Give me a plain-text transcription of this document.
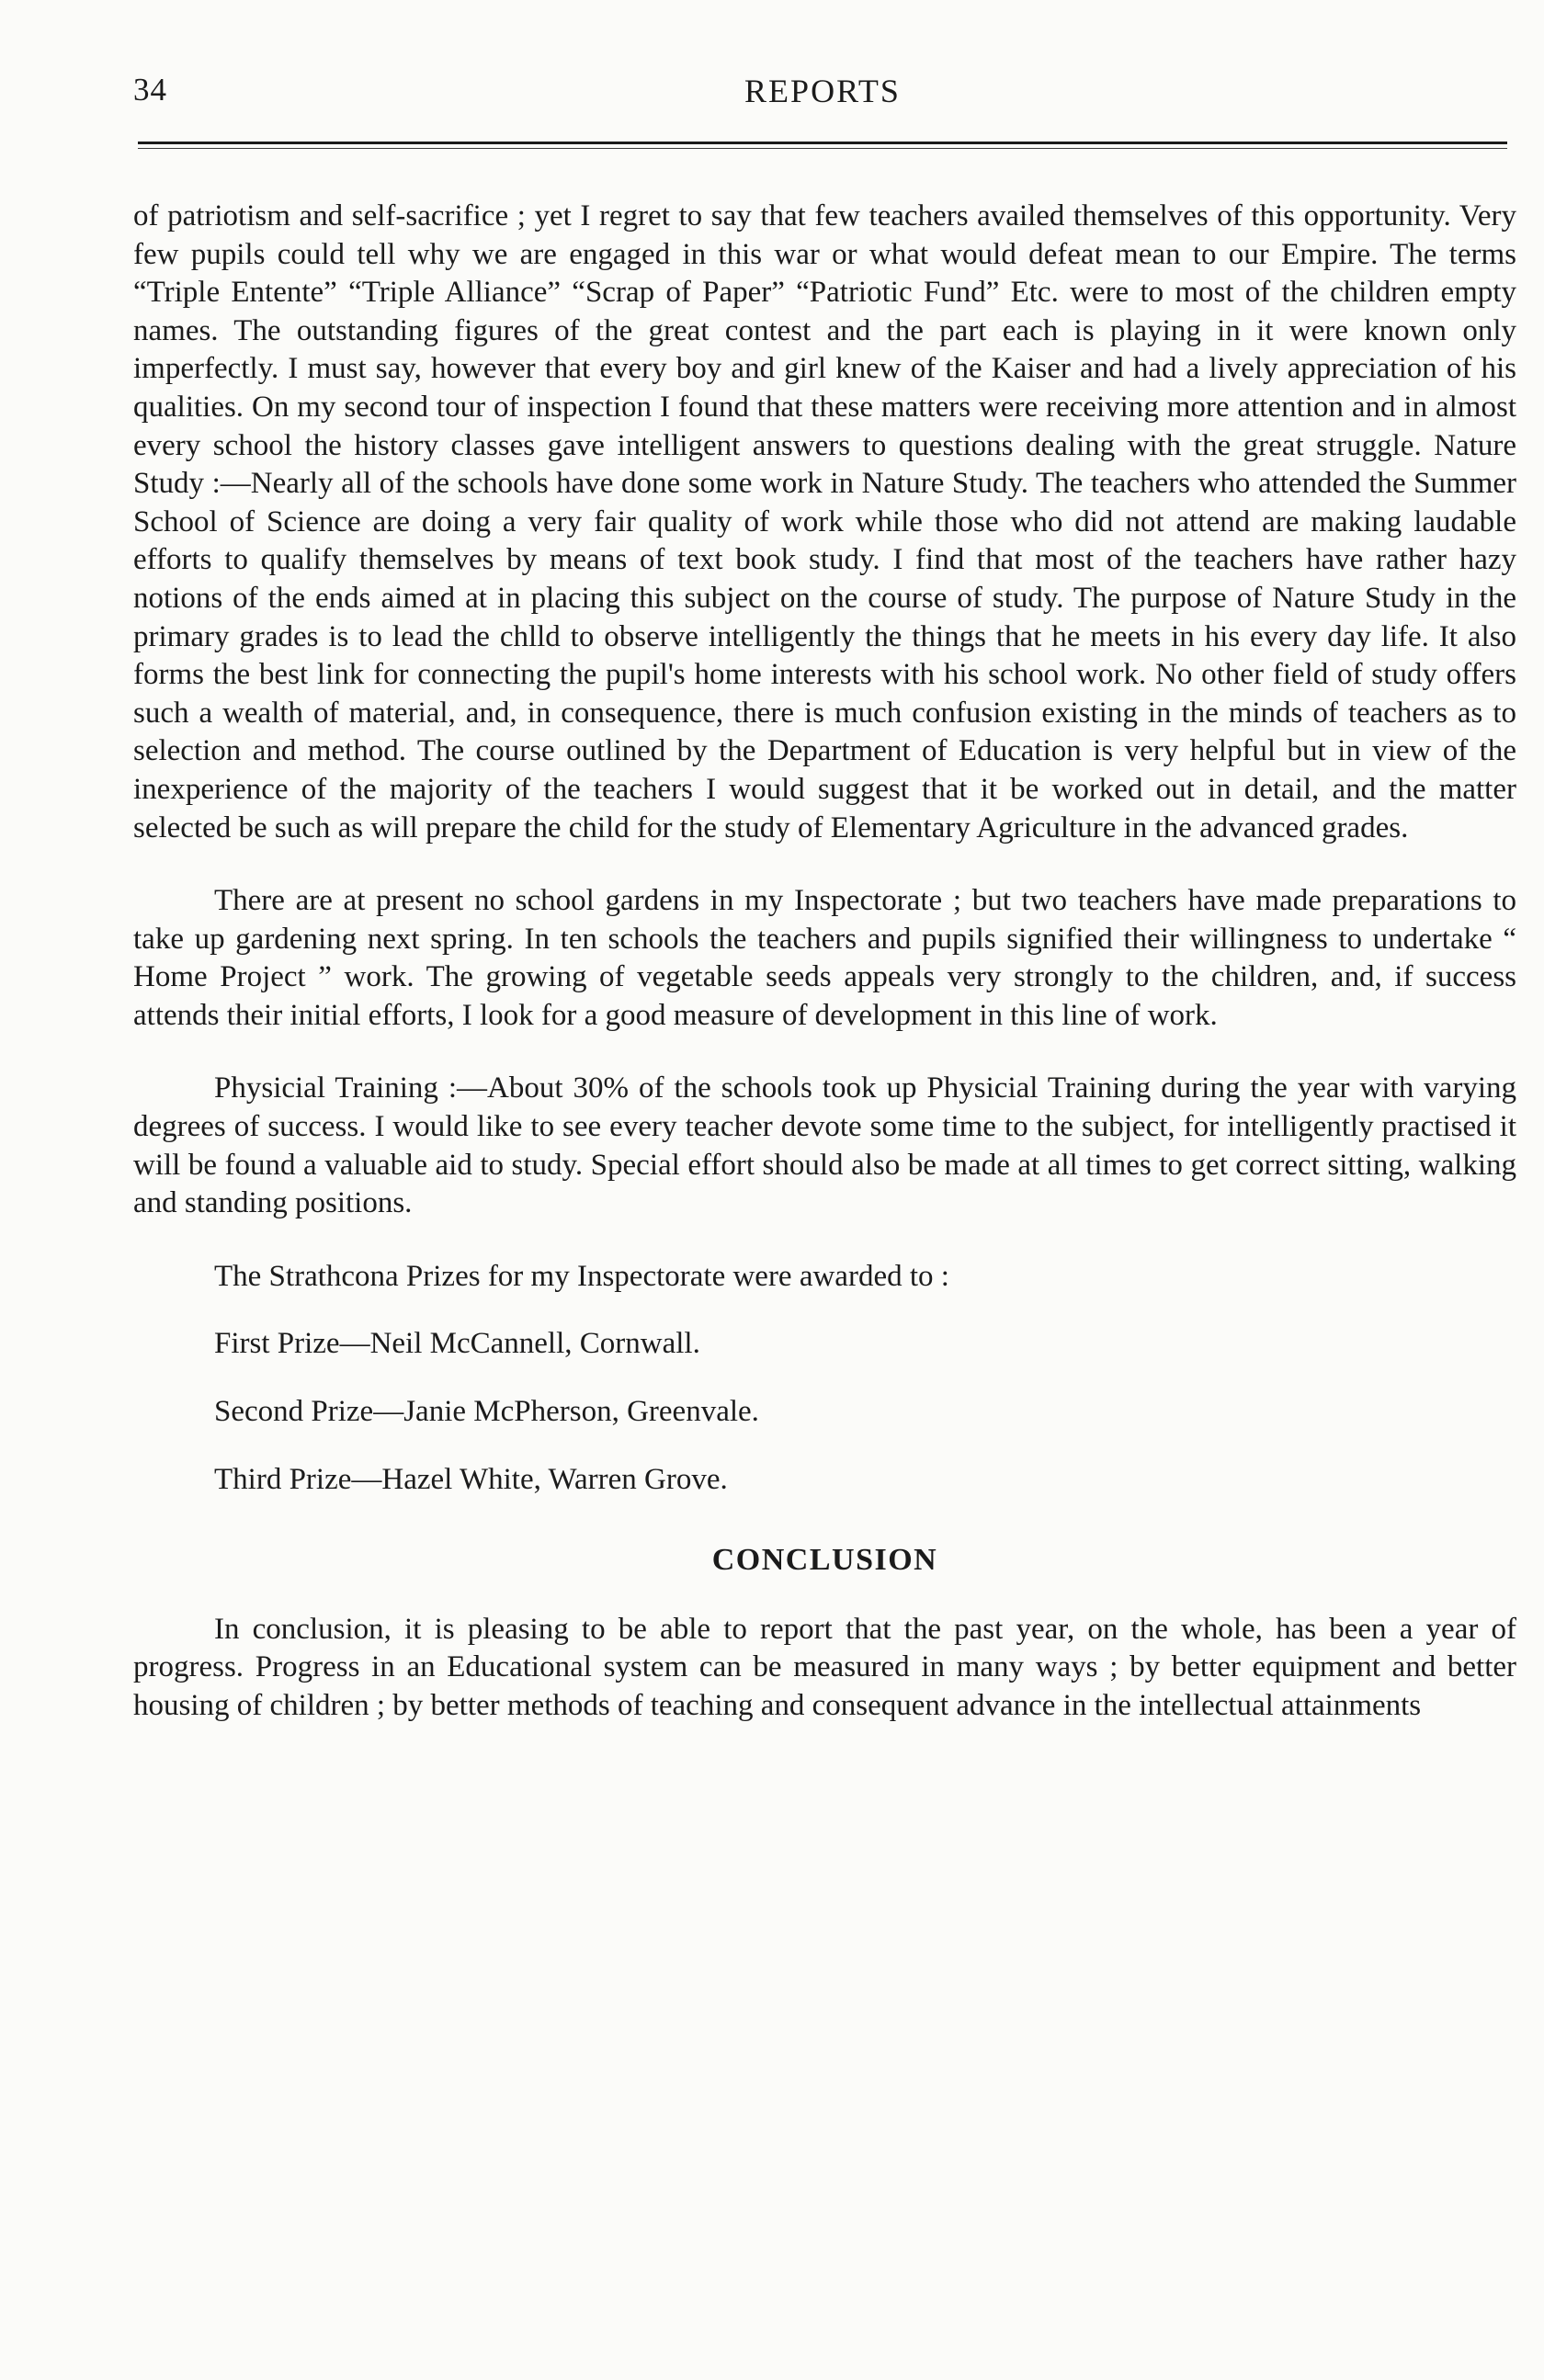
34	REPORTS

of patriotism and self-sacrifice ; yet I regret to say that few teachers availed themselves of this opportunity. Very few pupils could tell why we are engaged in this war or what would defeat mean to our Empire. The terms “Triple Entente” “Triple Alliance” “Scrap of Paper” “Patriotic Fund” Etc. were to most of the children empty names. The outstanding figures of the great contest and the part each is playing in it were known only imperfectly. I must say, however that every boy and girl knew of the Kaiser and had a lively appreciation of his qualities. On my second tour of inspection I found that these matters were receiving more attention and in almost every school the history classes gave intelligent answers to questions dealing with the great struggle. Nature Study :—Nearly all of the schools have done some work in Nature Study. The teachers who attended the Summer School of Science are doing a very fair quality of work while those who did not attend are making laudable efforts to qualify themselves by means of text book study. I find that most of the teachers have rather hazy notions of the ends aimed at in placing this subject on the course of study. The purpose of Nature Study in the primary grades is to lead the chlld to observe intelligently the things that he meets in his every day life. It also forms the best link for connecting the pupil's home interests with his school work. No other field of study offers such a wealth of material, and, in consequence, there is much confusion existing in the minds of teachers as to selection and method. The course outlined by the Department of Education is very helpful but in view of the inexperience of the majority of the teachers I would suggest that it be worked out in detail, and the matter selected be such as will prepare the child for the study of Elementary Agriculture in the advanced grades.

There are at present no school gardens in my Inspectorate ; but two teachers have made preparations to take up gardening next spring. In ten schools the teachers and pupils signified their willingness to undertake “ Home Project ” work. The growing of vegetable seeds appeals very strongly to the children, and, if success attends their initial efforts, I look for a good measure of development in this line of work.

Physicial Training :—About 30% of the schools took up Physicial Training during the year with varying degrees of success. I would like to see every teacher devote some time to the subject, for intelligently practised it will be found a valuable aid to study. Special effort should also be made at all times to get correct sitting, walking and standing positions.

The Strathcona Prizes for my Inspectorate were awarded to :

First Prize—Neil McCannell, Cornwall.

Second Prize—Janie McPherson, Greenvale.

Third Prize—Hazel White, Warren Grove.

CONCLUSION

In conclusion, it is pleasing to be able to report that the past year, on the whole, has been a year of progress. Progress in an Educational system can be measured in many ways ; by better equipment and better housing of children ; by better methods of teaching and consequent advance in the intellectual attainments
